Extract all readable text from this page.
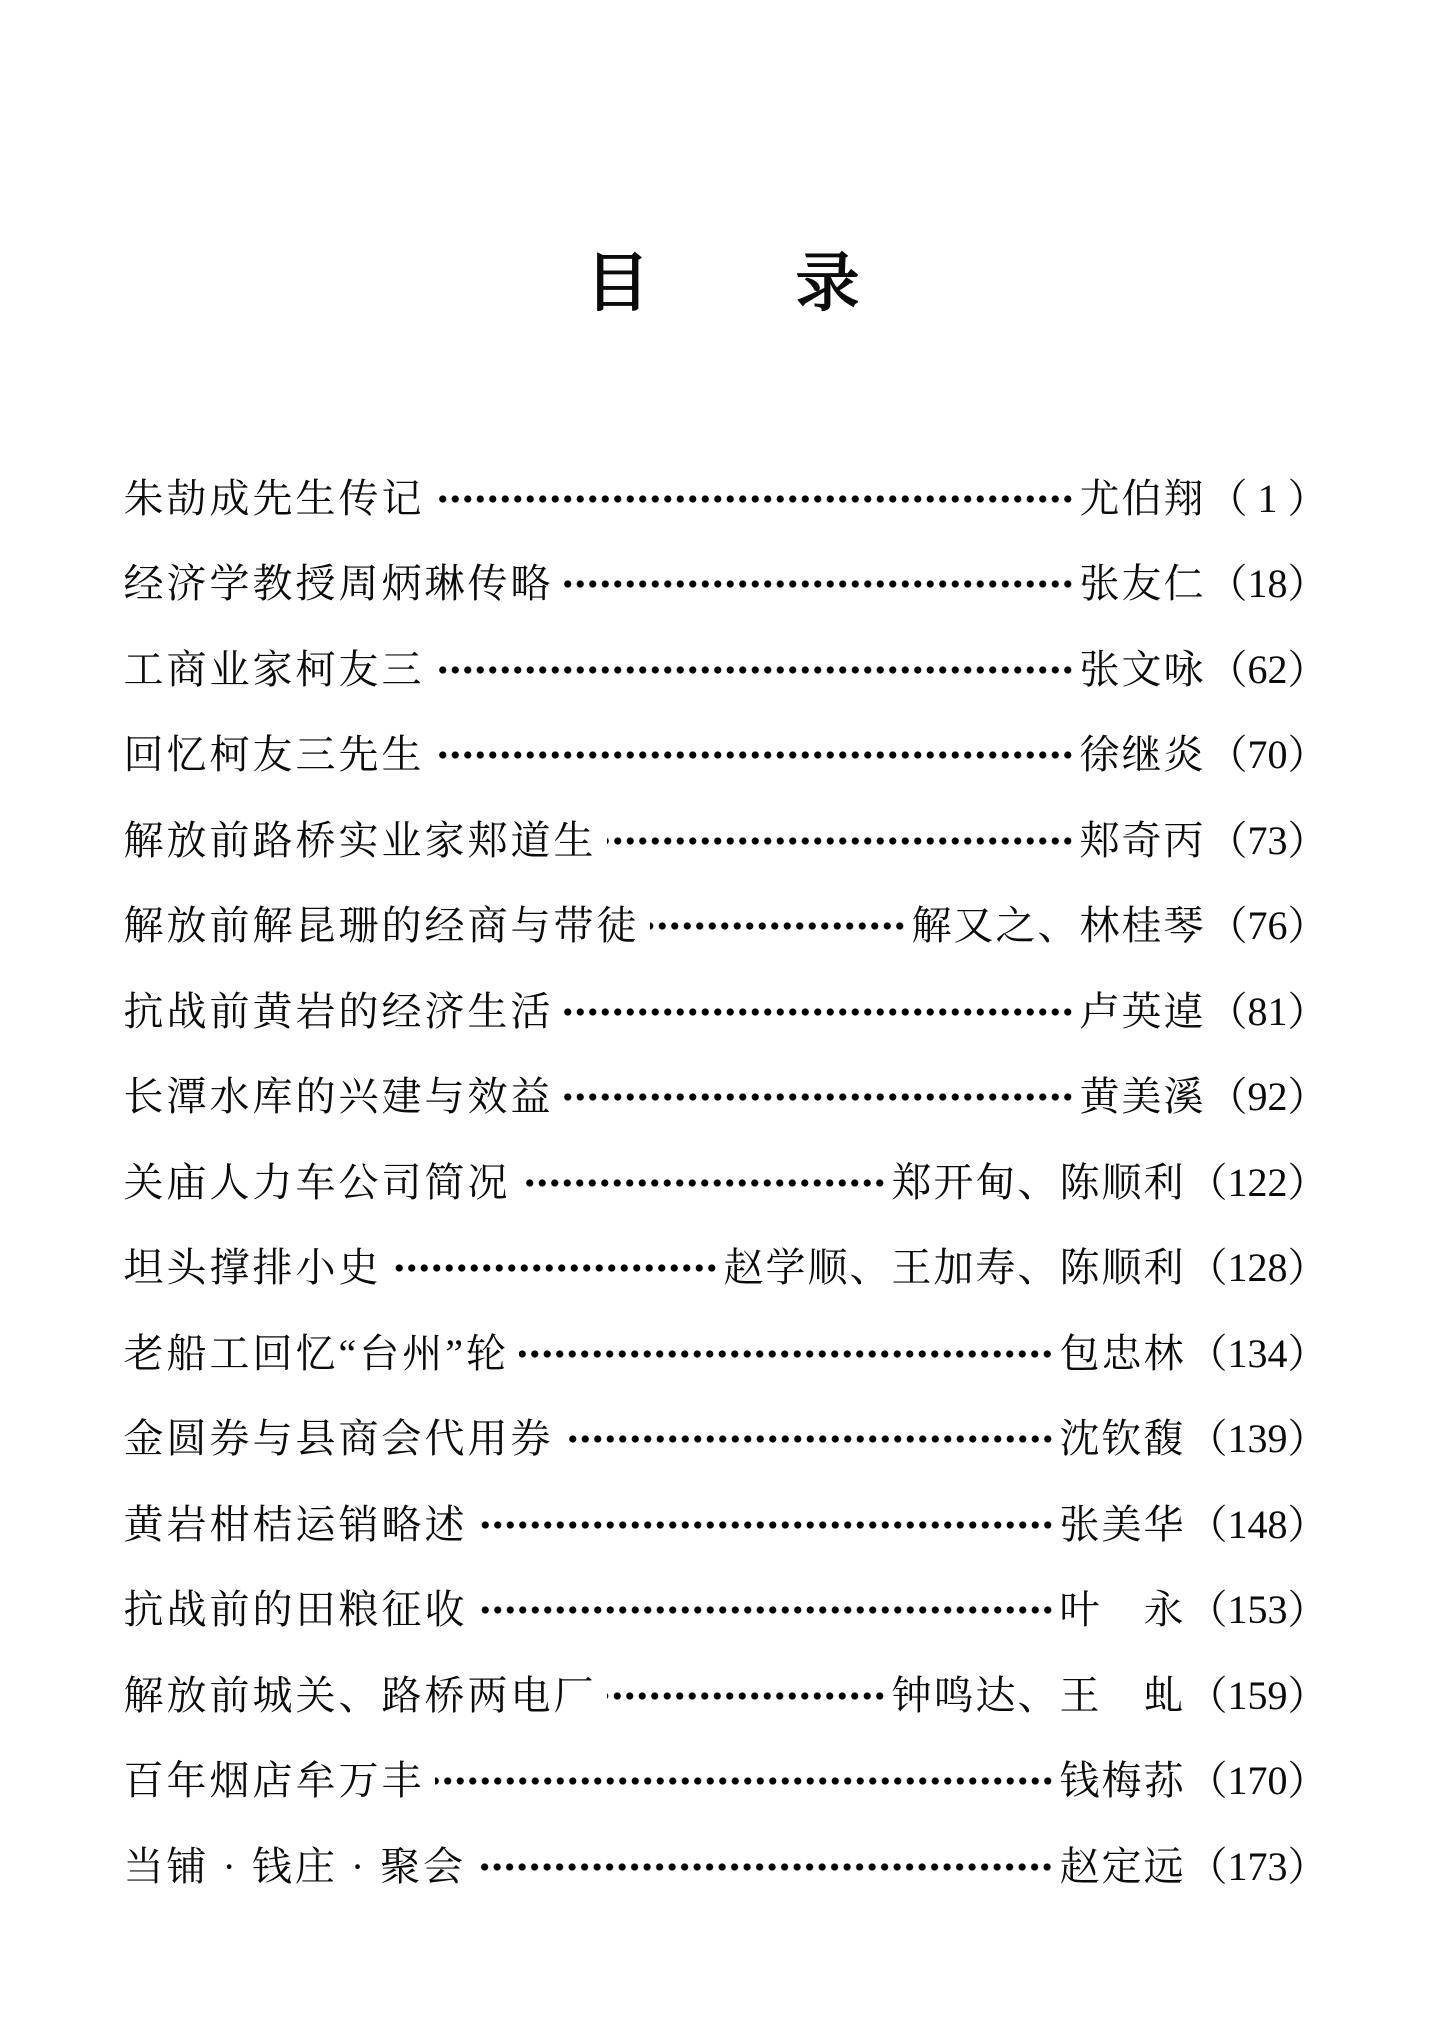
目　　录
朱劼成先生传记	尤伯翔 （ 1 ）
经济学教授周炳琳传略	张友仁 （18）
工商业家柯友三	张文咏 （62）
回忆柯友三先生	徐继炎 （70）
解放前路桥实业家郏道生	郏奇丙 （73）
解放前解昆珊的经商与带徒	解又之、林桂琴 （76）
抗战前黄岩的经济生活	卢英逴 （81）
长潭水库的兴建与效益	黄美溪 （92）
关庙人力车公司简况	郑开甸、陈顺利 （122）
坦头撑排小史	赵学顺、王加寿、陈顺利 （128）
老船工回忆“台州”轮	包忠林 （134）
金圆券与县商会代用券	沈钦馥 （139）
黄岩柑桔运销略述	张美华 （148）
抗战前的田粮征收	叶　永 （153）
解放前城关、路桥两电厂	钟鸣达、王　虬 （159）
百年烟店牟万丰	钱梅荪 （170）
当铺 · 钱庄 · 聚会	赵定远 （173）
